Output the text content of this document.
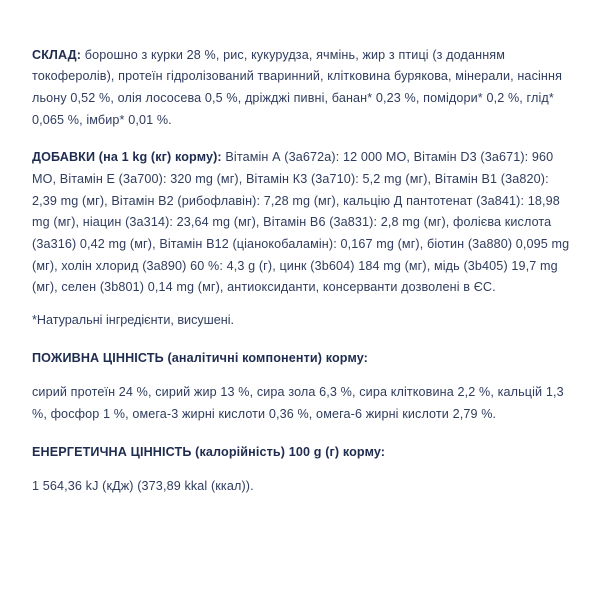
СКЛАД: борошно з курки 28 %, рис, кукурудза, ячмінь, жир з птиці (з доданням токоферолів), протеїн гідролізований тваринний, клітковина бурякова, мінерали, насіння льону 0,52 %, олія лососева 0,5 %, дріжджі пивні, банан* 0,23 %, помідори* 0,2 %, глід* 0,065 %, імбир* 0,01 %.

ДОБАВКИ (на 1 kg (кг) корму): Вітамін А (3а672а): 12 000 МО, Вітамін D3 (3а671): 960 МО, Вітамін Е (3а700): 320 mg (мг), Вітамін К3 (3а710): 5,2 mg (мг), Вітамін В1 (3а820): 2,39 mg (мг), Вітамін В2 (рибофлавін): 7,28 mg (мг), кальцію Д пантотенат (3а841): 18,98 mg (мг), ніацин (3а314): 23,64 mg (мг), Вітамін В6 (3а831): 2,8 mg (мг), фолієва кислота (3а316) 0,42 mg (мг), Вітамін В12 (ціанокобаламін): 0,167 mg (мг), біотин (3а880) 0,095 mg (мг), холін хлорид (3а890) 60 %: 4,3 g (г), цинк (3b604) 184 mg (мг), мідь (3b405) 19,7 mg (мг), селен (3b801) 0,14 mg (мг), антиоксиданти, консерванти дозволені в ЄС.

*Натуральні інгредієнти, висушені.

ПОЖИВНА ЦІННІСТЬ (аналітичні компоненти) корму:

сирий протеїн 24 %, сирий жир 13 %, сира зола 6,3 %, сира клітковина 2,2 %, кальцій 1,3 %, фосфор 1 %, омега-3 жирні кислоти 0,36 %, омега-6 жирні кислоти 2,79 %.

ЕНЕРГЕТИЧНА ЦІННІСТЬ (калорійність) 100 g (г) корму:

1 564,36 kJ (кДж) (373,89 kkal (ккал)).
